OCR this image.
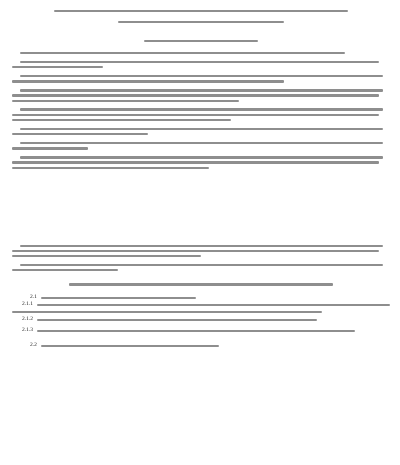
2.1
2.1.1
2.1.2
2.1.3
2.2
